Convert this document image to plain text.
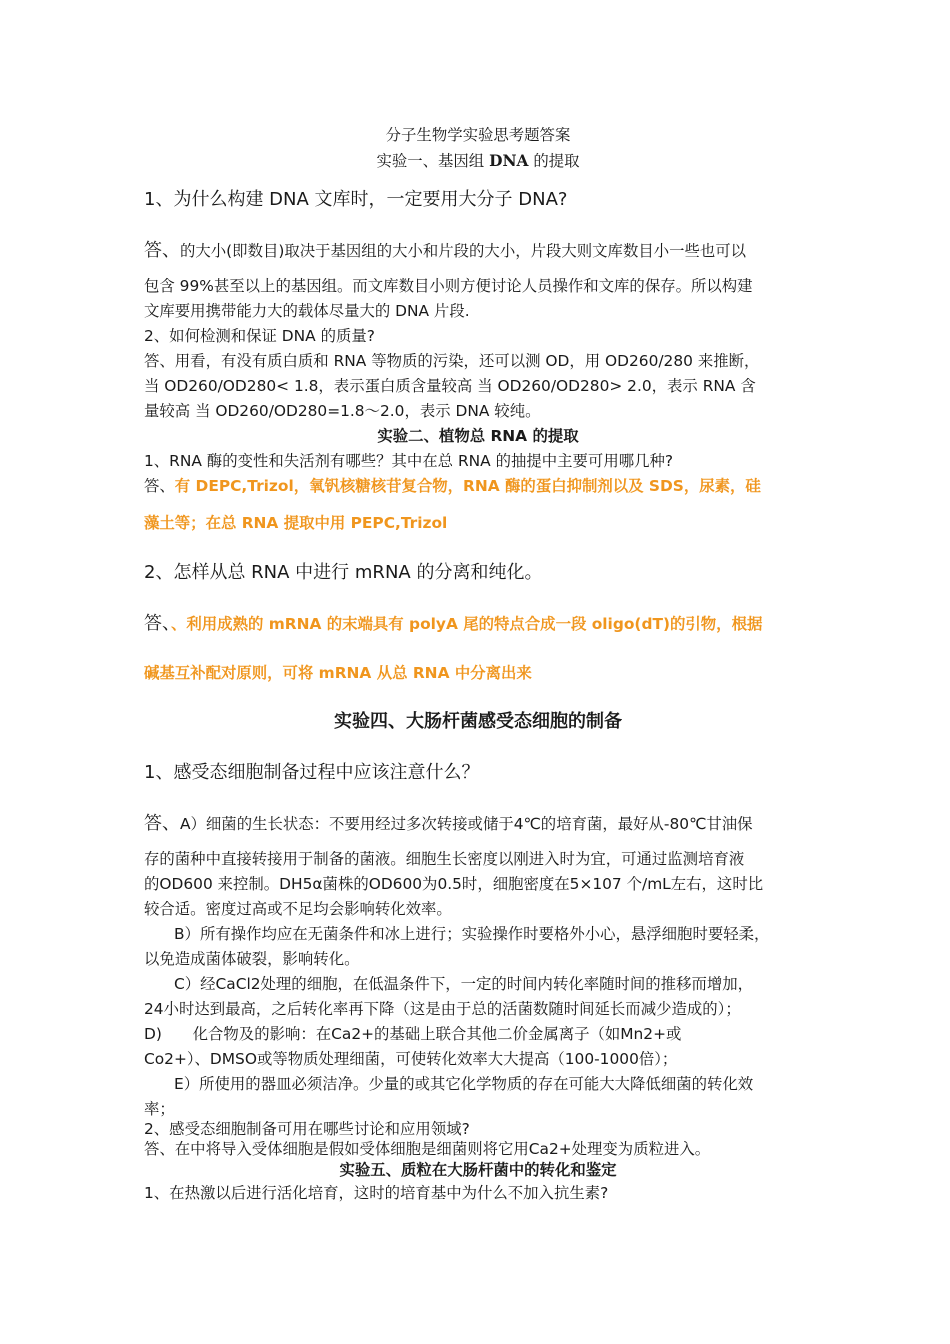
分子生物学实验思考题答案
实验一、基因组 DNA 的提取
1、为什么构建 DNA 文库时，一定要用大分子 DNA?
答、的大小(即数目)取决于基因组的大小和片段的大小，片段大则文库数目小一些也可以
包含 99%甚至以上的基因组。而文库数目小则方便讨论人员操作和文库的保存。所以构建
文库要用携带能力大的载体尽量大的 DNA 片段.
2、如何检测和保证 DNA 的质量?
答、用看，有没有质白质和 RNA 等物质的污染，还可以测 OD，用 OD260/280 来推断，
当 OD260/OD280< 1.8，表示蛋白质含量较高 当 OD260/OD280> 2.0，表示 RNA 含
量较高 当 OD260/OD280=1.8～2.0，表示 DNA 较纯。
实验二、植物总 RNA 的提取
1、RNA 酶的变性和失活剂有哪些？其中在总 RNA 的抽提中主要可用哪几种?
答、有 DEPC,Trizol，氧钒核糖核苷复合物，RNA 酶的蛋白抑制剂以及 SDS，尿素，硅
藻土等；在总 RNA 提取中用 PEPC,Trizol
2、怎样从总 RNA 中进行 mRNA 的分离和纯化。
答、、利用成熟的 mRNA 的末端具有 polyA 尾的特点合成一段 oligo(dT)的引物，根据
碱基互补配对原则，可将 mRNA 从总 RNA 中分离出来
实验四、大肠杆菌感受态细胞的制备
1、感受态细胞制备过程中应该注意什么？
答、A）细菌的生长状态：不要用经过多次转接或储于4℃的培育菌，最好从-80℃甘油保
存的菌种中直接转接用于制备的菌液。细胞生长密度以刚进入时为宜，可通过监测培育液
的OD600 来控制。DH5α菌株的OD600为0.5时，细胞密度在5×107 个/mL左右，这时比
较合适。密度过高或不足均会影响转化效率。
B）所有操作均应在无菌条件和冰上进行；实验操作时要格外小心，悬浮细胞时要轻柔，
以免造成菌体破裂，影响转化。
C）经CaCl2处理的细胞，在低温条件下，一定的时间内转化率随时间的推移而增加，
24小时达到最高，之后转化率再下降（这是由于总的活菌数随时间延长而减少造成的）；
D)　　化合物及的影响：在Ca2+的基础上联合其他二价金属离子（如Mn2+或
Co2+）、DMSO或等物质处理细菌，可使转化效率大大提高（100-1000倍）；
E）所使用的器皿必须洁净。少量的或其它化学物质的存在可能大大降低细菌的转化效
率；
2、感受态细胞制备可用在哪些讨论和应用领域?
答、在中将导入受体细胞是假如受体细胞是细菌则将它用Ca2+处理变为质粒进入。
实验五、质粒在大肠杆菌中的转化和鉴定
1、在热激以后进行活化培育，这时的培育基中为什么不加入抗生素?
